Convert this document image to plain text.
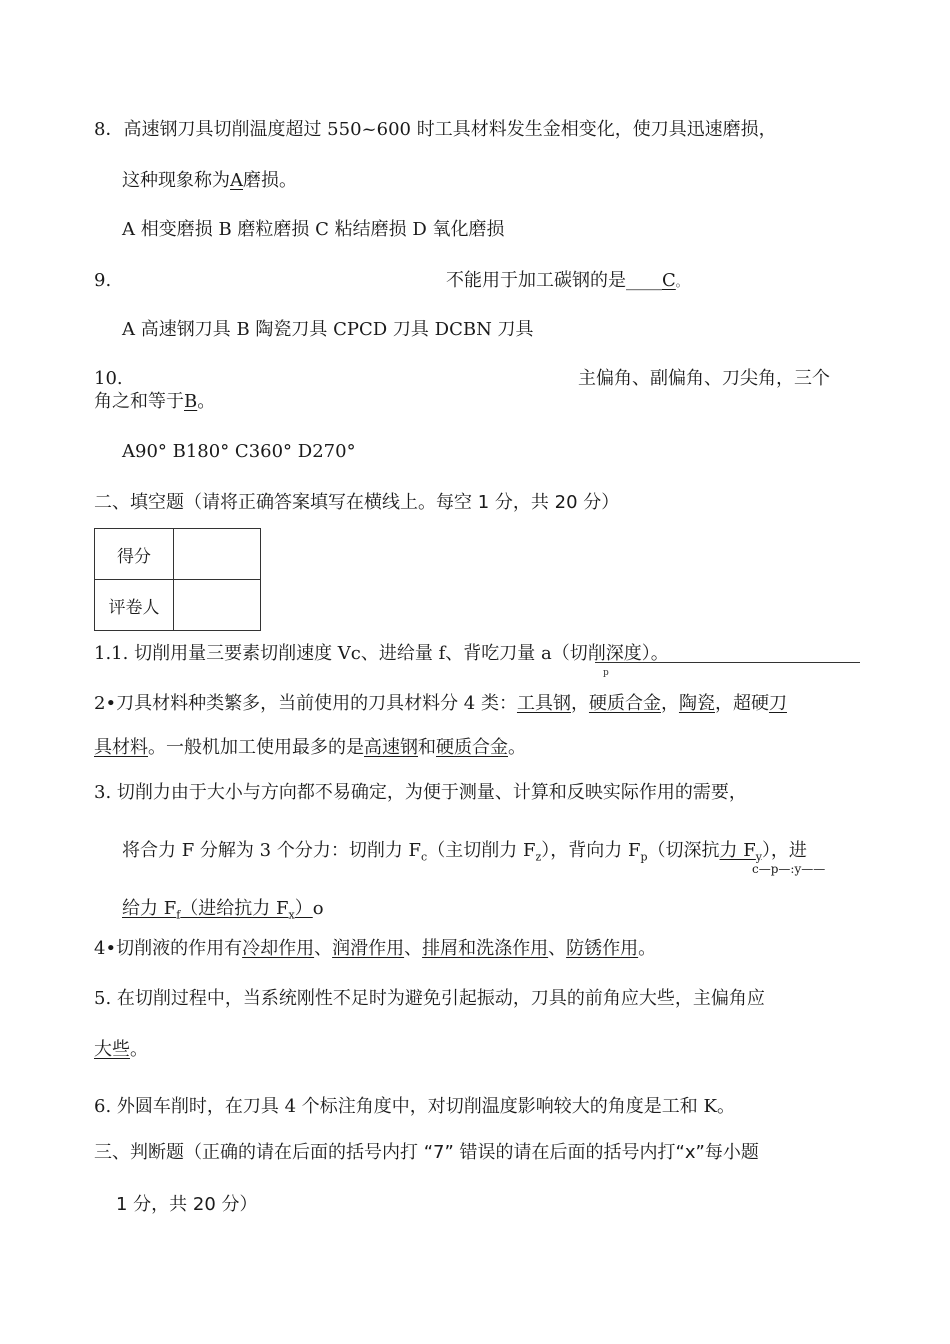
8．高速钢刀具切削温度超过 550~600 时工具材料发生金相变化，使刀具迅速磨损，
这种现象称为A磨损。
A 相变磨损 B 磨粒磨损 C 粘结磨损 D 氧化磨损
9.	不能用于加工碳钢的是____C。
A 高速钢刀具 B 陶瓷刀具 CPCD 刀具 DCBN 刀具
10.	主偏角、副偏角、刀尖角，三个
角之和等于B。
A90° B180° C360° D270°
二、填空题（请将正确答案填写在横线上。每空 1 分，共 20 分）
得分	
评卷人	
1.1. 切削用量三要素切削速度 Vc、进给量 f、背吃刀量 a（切削深度）。
p
2•刀具材料种类繁多，当前使用的刀具材料分 4 类：工具钢，硬质合金，陶瓷，超硬刀
具材料。一般机加工使用最多的是高速钢和硬质合金。
3. 切削力由于大小与方向都不易确定，为便于测量、计算和反映实际作用的需要，
将合力 F 分解为 3 个分力：切削力 $F_c$（主切削力 $F_z$），背向力 $F_p$（切深抗力 $F_y$），进
c—p—:y——
给力 $F_f$（进给抗力 $F_x)o$
4•切削液的作用有冷却作用、润滑作用、排屑和洗涤作用、防锈作用。
5. 在切削过程中，当系统刚性不足时为避免引起振动，刀具的前角应大些，主偏角应
大些。
6. 外圆车削时，在刀具 4 个标注角度中，对切削温度影响较大的角度是工和 K。
三、判断题（正确的请在后面的括号内打 “7” 错误的请在后面的括号内打“x”每小题
1 分，共 20 分）
